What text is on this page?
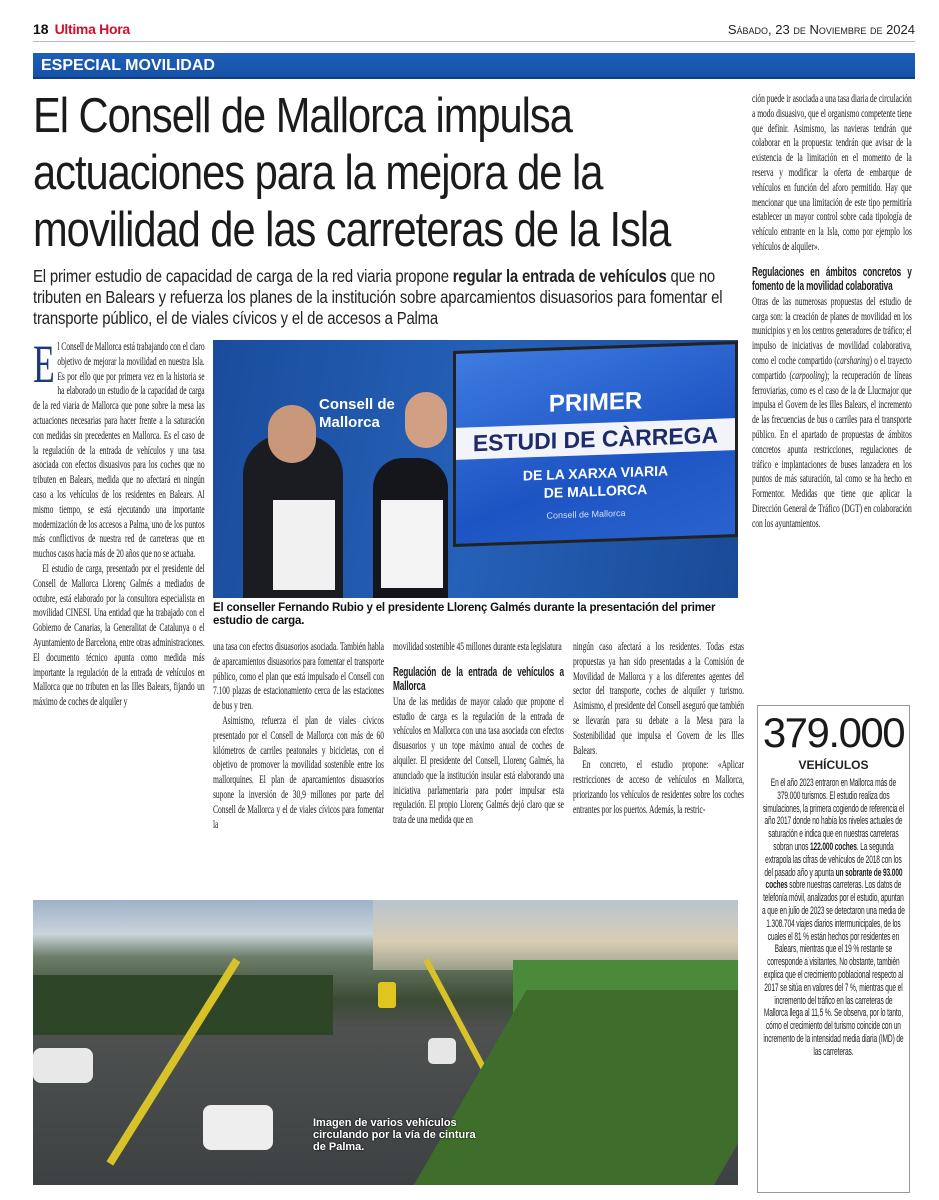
18 Ultima Hora	Sábado, 23 de Noviembre de 2024
ESPECIAL MOVILIDAD
El Consell de Mallorca impulsa actuaciones para la mejora de la movilidad de las carreteras de la Isla
El primer estudio de capacidad de carga de la red viaria propone regular la entrada de vehículos que no tributen en Balears y refuerza los planes de la institución sobre aparcamientos disuasorios para fomentar el transporte público, el de viales cívicos y el de accesos a Palma

El Consell de Mallorca está trabajando con el claro objetivo de mejorar la movilidad en nuestra Isla. Es por ello que por primera vez en la historia se ha elaborado un estudio de la capacidad de carga de la red viaria de Mallorca que pone sobre la mesa las actuaciones necesarias para hacer frente a la saturación con medidas sin precedentes en Mallorca. Es el caso de la regulación de la entrada de vehículos y una tasa asociada con efectos disuasivos para los coches que no tributen en Balears, medida que no afectará en ningún caso a los vehículos de los residentes en Balears. Al mismo tiempo, se está ejecutando una importante modernización de los accesos a Palma, uno de los puntos más conflictivos de nuestra red de carreteras que en muchos casos hacía más de 20 años que no se actuaba.

El estudio de carga, presentado por el presidente del Consell de Mallorca Llorenç Galmés a mediados de octubre, está elaborado por la consultora especialista en movilidad CINESI. Una entidad que ha trabajado con el Gobierno de Canarias, la Generalitat de Catalunya o el Ayuntamiento de Barcelona, entre otras administraciones. El documento técnico apunta como medida más importante la regulación de la entrada de vehículos en Mallorca que no tributen en las Illes Balears, fijando un máximo de coches de alquiler y

PRIMER
ESTUDI DE CÀRREGA
DE LA XARXA VIARIA
DE MALLORCA
Consell de Mallorca
Consell de Mallorca
El conseller Fernando Rubio y el presidente Llorenç Galmés durante la presentación del primer estudio de carga.

una tasa con efectos disuasorios asociada. También habla de aparcamientos disuasorios para fomentar el transporte público, como el plan que está impulsado el Consell con 7.100 plazas de estacionamiento cerca de las estaciones de bus y tren.

Asimismo, refuerza el plan de viales cívicos presentado por el Consell de Mallorca con más de 60 kilómetros de carriles peatonales y bicicletas, con el objetivo de promover la movilidad sostenible entre los mallorquines. El plan de aparcamientos disuasorios supone la inversión de 30,9 millones por parte del Consell de Mallorca y el de viales cívicos para fomentar la

movilidad sostenible 45 millones durante esta legislatura

Regulación de la entrada de vehículos a Mallorca

Una de las medidas de mayor calado que propone el estudio de carga es la regulación de la entrada de vehículos en Mallorca con una tasa asociada con efectos disuasorios y un tope máximo anual de coches de alquiler. El presidente del Consell, Llorenç Galmés, ha anunciado que la institución insular está elaborando una iniciativa parlamentaria para poder impulsar esta regulación. El propio Llorenç Galmés dejó claro que se trata de una medida que en

ningún caso afectará a los residentes. Todas estas propuestas ya han sido presentadas a la Comisión de Movilidad de Mallorca y a los diferentes agentes del sector del transporte, coches de alquiler y turismo. Asimismo, el presidente del Consell aseguró que también se llevarán para su debate a la Mesa para la Sostenibilidad que impulsa el Govern de les Illes Balears.

En concreto, el estudio propone: «Aplicar restricciones de acceso de vehículos en Mallorca, priorizando los vehículos de residentes sobre los coches entrantes por los puertos. Además, la restric-

ción puede ir asociada a una tasa diaria de circulación a modo disuasivo, que el organismo competente tiene que definir. Asimismo, las navieras tendrán que colaborar en la propuesta: tendrán que avisar de la existencia de la limitación en el momento de la reserva y modificar la oferta de embarque de vehículos en función del aforo permitido. Hay que mencionar que una limitación de este tipo permitiría establecer un mayor control sobre cada tipología de vehículo entrante en la Isla, como por ejemplo los vehículos de alquiler».

Regulaciones en ámbitos concretos y fomento de la movilidad colaborativa

Otras de las numerosas propuestas del estudio de carga son: la creación de planes de movilidad en los municipios y en los centros generadores de tráfico; el impulso de iniciativas de movilidad colaborativa, como el coche compartido (carsharing) o el trayecto compartido (carpooling); la recuperación de líneas ferroviarias, como es el caso de la de Llucmajor que impulsa el Govern de les Illes Balears, el incremento de las frecuencias de bus o carriles para el transporte público. En el apartado de propuestas de ámbitos concretos apunta restricciones, regulaciones de tráfico e implantaciones de buses lanzadera en los puntos de más saturación, tal como se ha hecho en Formentor. Medidas que tiene que aplicar la Dirección General de Tráfico (DGT) en colaboración con los ayuntamientos.

379.000
VEHÍCULOS
En el año 2023 entraron en Mallorca más de 379.000 turismos. El estudio realiza dos simulaciones, la primera cogiendo de referencia el año 2017 donde no había los niveles actuales de saturación e indica que en nuestras carreteras sobran unos 122.000 coches. La segunda extrapola las cifras de vehículos de 2018 con los del pasado año y apunta un sobrante de 93.000 coches sobre nuestras carreteras. Los datos de telefonía móvil, analizados por el estudio, apuntan a que en julio de 2023 se detectaron una media de 1.308.704 viajes diarios intermunicipales, de los cuales el 81 % están hechos por residentes en Balears, mientras que el 19 % restante se corresponde a visitantes. No obstante, también explica que el crecimiento poblacional respecto al 2017 se sitúa en valores del 7 %, mientras que el incremento del tráfico en las carreteras de Mallorca llega al 11,5 %. Se observa, por lo tanto, cómo el crecimiento del turismo coincide con un incremento de la intensidad media diaria (IMD) de las carreteras.
Imagen de varios vehículos circulando por la vía de cintura de Palma.
